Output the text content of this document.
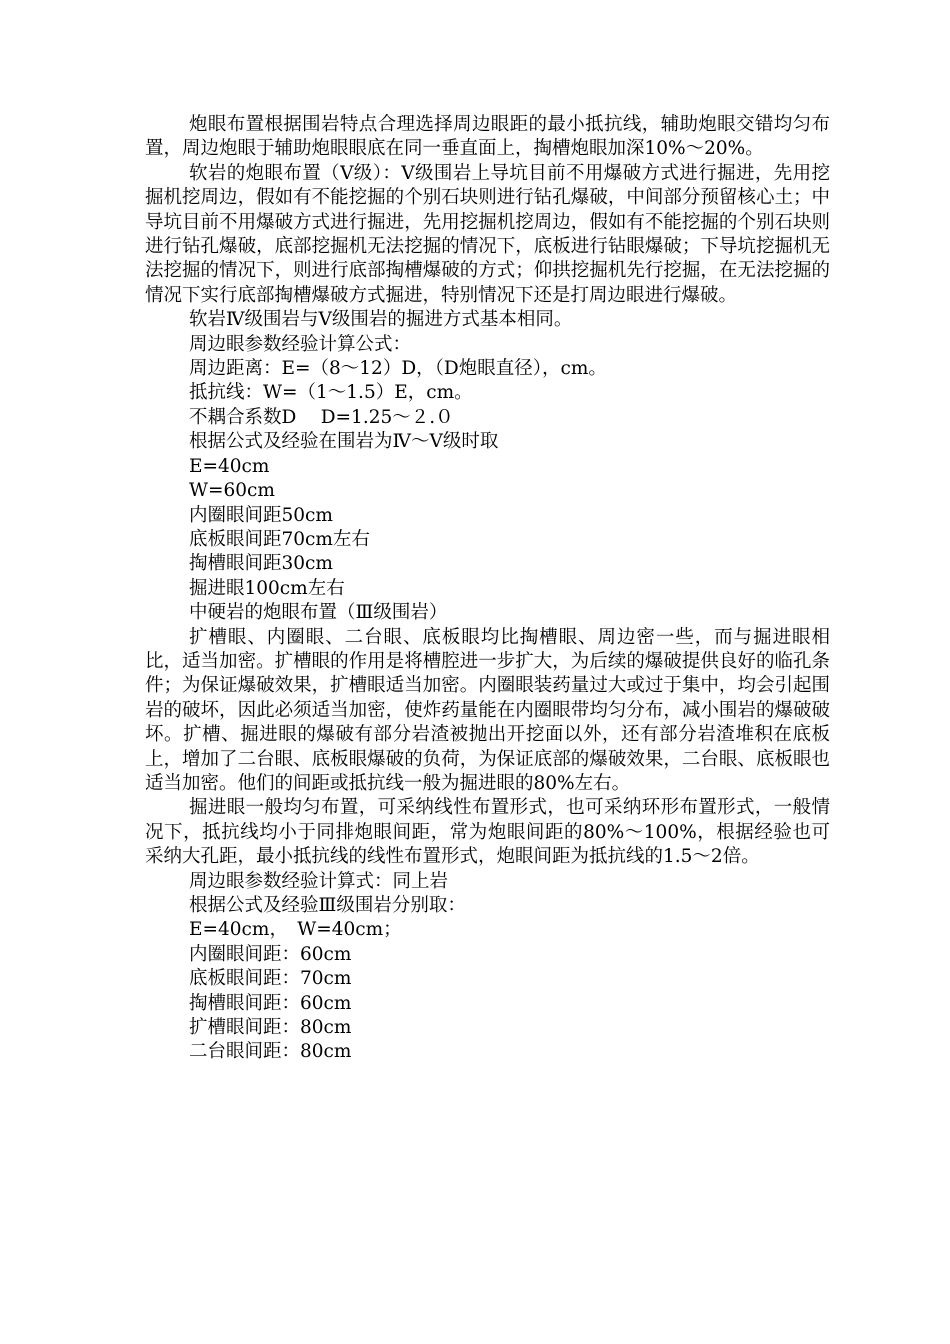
炮眼布置根据围岩特点合理选择周边眼距的最小抵抗线，辅助炮眼交错均匀布置，周边炮眼于辅助炮眼眼底在同一垂直面上，掏槽炮眼加深10%～20%。

软岩的炮眼布置（Ⅴ级）：Ⅴ级围岩上导坑目前不用爆破方式进行掘进，先用挖掘机挖周边，假如有不能挖掘的个别石块则进行钻孔爆破，中间部分预留核心土；中导坑目前不用爆破方式进行掘进，先用挖掘机挖周边，假如有不能挖掘的个别石块则进行钻孔爆破，底部挖掘机无法挖掘的情况下，底板进行钻眼爆破；下导坑挖掘机无法挖掘的情况下，则进行底部掏槽爆破的方式；仰拱挖掘机先行挖掘，在无法挖掘的情况下实行底部掏槽爆破方式掘进，特别情况下还是打周边眼进行爆破。

软岩Ⅳ级围岩与Ⅴ级围岩的掘进方式基本相同。

周边眼参数经验计算公式：

周边距离：E=（8～12）D，（D炮眼直径），cm。

抵抗线：W=（1～1.5）E，cm。

不耦合系数D　 D=1.25～２.０

根据公式及经验在围岩为Ⅳ～Ⅴ级时取

E=40cm

W=60cm

内圈眼间距50cm

底板眼间距70cm左右

掏槽眼间距30cm

掘进眼100cm左右

中硬岩的炮眼布置（Ⅲ级围岩）

扩槽眼、内圈眼、二台眼、底板眼均比掏槽眼、周边密一些，而与掘进眼相比，适当加密。扩槽眼的作用是将槽腔进一步扩大，为后续的爆破提供良好的临孔条件；为保证爆破效果，扩槽眼适当加密。内圈眼装药量过大或过于集中，均会引起围岩的破坏，因此必须适当加密，使炸药量能在内圈眼带均匀分布，减小围岩的爆破破坏。扩槽、掘进眼的爆破有部分岩渣被抛出开挖面以外，还有部分岩渣堆积在底板上，增加了二台眼、底板眼爆破的负荷，为保证底部的爆破效果，二台眼、底板眼也适当加密。他们的间距或抵抗线一般为掘进眼的80%左右。

掘进眼一般均匀布置，可采纳线性布置形式，也可采纳环形布置形式，一般情况下，抵抗线均小于同排炮眼间距，常为炮眼间距的80%～100%，根据经验也可采纳大孔距，最小抵抗线的线性布置形式，炮眼间距为抵抗线的1.5～2倍。

周边眼参数经验计算式：同上岩

根据公式及经验Ⅲ级围岩分别取：

E=40cm，　W=40cm；

内圈眼间距：60cm

底板眼间距：70cm

掏槽眼间距：60cm

扩槽眼间距：80cm

二台眼间距：80cm
